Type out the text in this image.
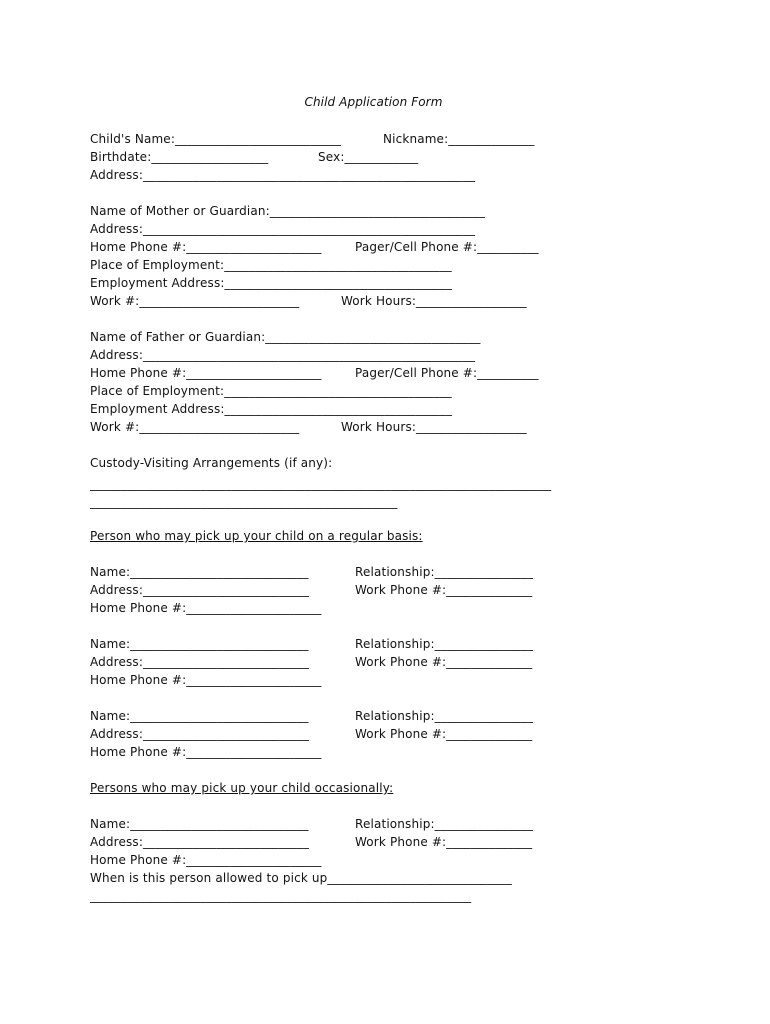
Child Application Form
Child's Name:___________________________	Nickname:______________
Birthdate:___________________	Sex:____________
Address:______________________________________________________
Name of Mother or Guardian:___________________________________
Address:______________________________________________________
Home Phone #:______________________	Pager/Cell Phone #:__________
Place of Employment:_____________________________________
Employment Address:_____________________________________
Work #:__________________________	Work Hours:__________________
Name of Father or Guardian:___________________________________
Address:______________________________________________________
Home Phone #:______________________	Pager/Cell Phone #:__________
Place of Employment:_____________________________________
Employment Address:_____________________________________
Work #:__________________________	Work Hours:__________________
Custody-Visiting Arrangements (if any):
___________________________________________________________________________
__________________________________________________
Person who may pick up your child on a regular basis:
Name:_____________________________	Relationship:________________
Address:___________________________	Work Phone #:______________
Home Phone #:______________________
Name:_____________________________	Relationship:________________
Address:___________________________	Work Phone #:______________
Home Phone #:______________________
Name:_____________________________	Relationship:________________
Address:___________________________	Work Phone #:______________
Home Phone #:______________________
Persons who may pick up your child occasionally:
Name:_____________________________	Relationship:________________
Address:___________________________	Work Phone #:______________
Home Phone #:______________________
When is this person allowed to pick up______________________________
______________________________________________________________
